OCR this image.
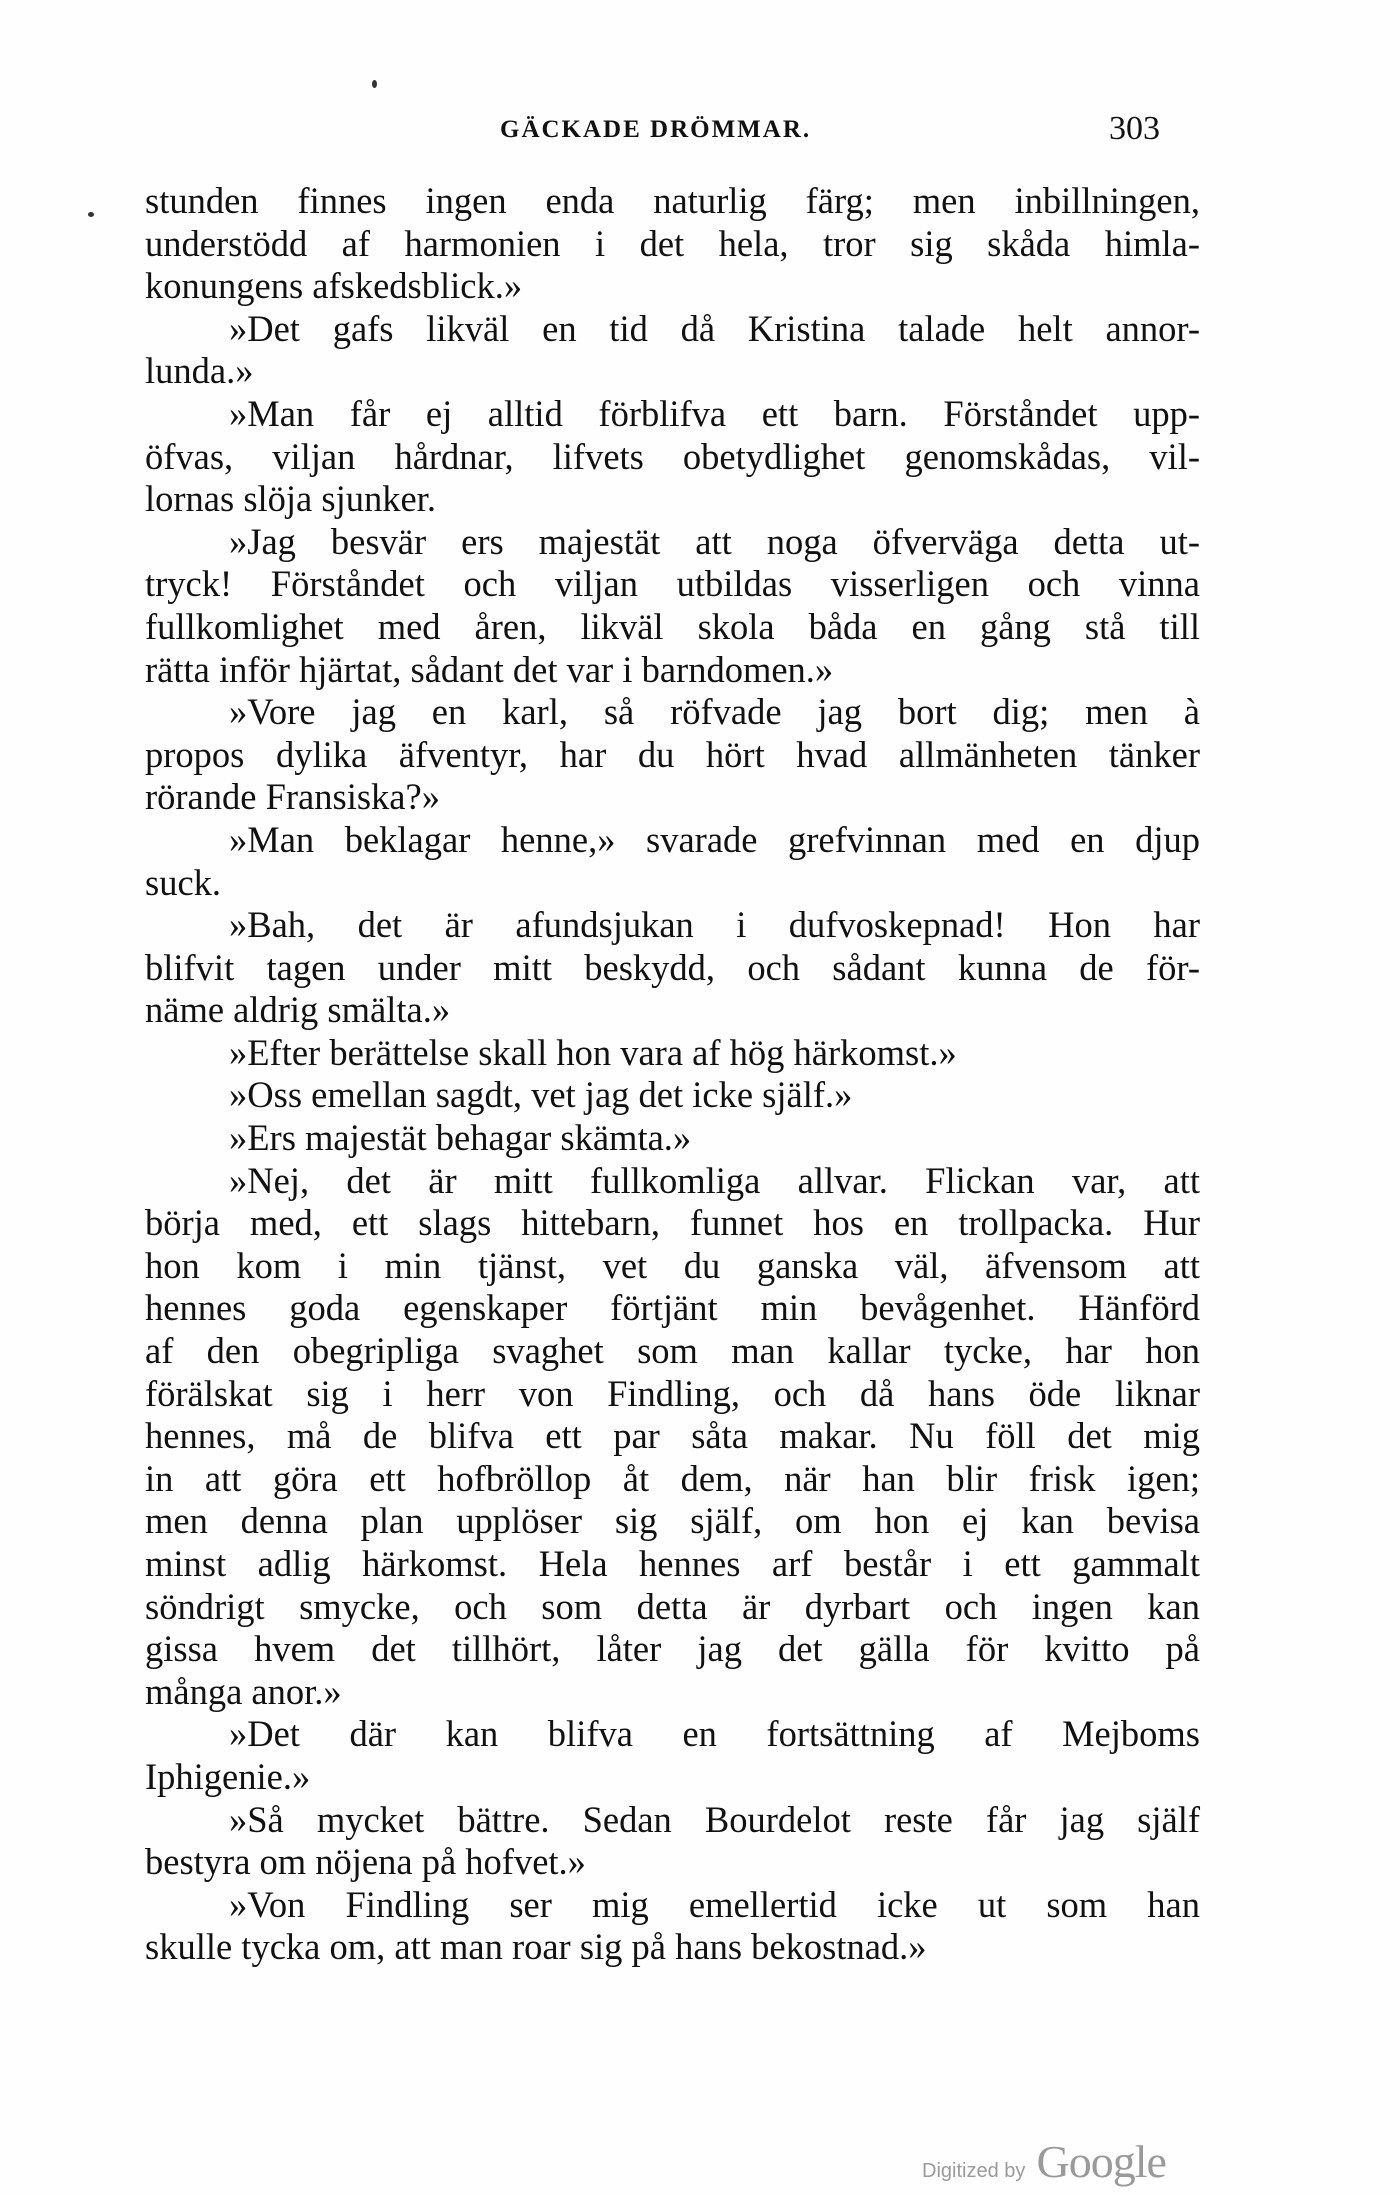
GÄCKADE DRÖMMAR.	303
stunden finnes ingen enda naturlig färg; men inbillningen,
understödd af harmonien i det hela, tror sig skåda himla-
konungens afskedsblick.»
»Det gafs likväl en tid då Kristina talade helt annor-
lunda.»
»Man får ej alltid förblifva ett barn. Förståndet upp-
öfvas, viljan hårdnar, lifvets obetydlighet genomskådas, vil-
lornas slöja sjunker.
»Jag besvär ers majestät att noga öfverväga detta ut-
tryck! Förståndet och viljan utbildas visserligen och vinna
fullkomlighet med åren, likväl skola båda en gång stå till
rätta inför hjärtat, sådant det var i barndomen.»
»Vore jag en karl, så röfvade jag bort dig; men à
propos dylika äfventyr, har du hört hvad allmänheten tänker
rörande Fransiska?»
»Man beklagar henne,» svarade grefvinnan med en djup
suck.
»Bah, det är afundsjukan i dufvoskepnad! Hon har
blifvit tagen under mitt beskydd, och sådant kunna de för-
näme aldrig smälta.»
»Efter berättelse skall hon vara af hög härkomst.»
»Oss emellan sagdt, vet jag det icke själf.»
»Ers majestät behagar skämta.»
»Nej, det är mitt fullkomliga allvar. Flickan var, att
börja med, ett slags hittebarn, funnet hos en trollpacka. Hur
hon kom i min tjänst, vet du ganska väl, äfvensom att
hennes goda egenskaper förtjänt min bevågenhet. Hänförd
af den obegripliga svaghet som man kallar tycke, har hon
förälskat sig i herr von Findling, och då hans öde liknar
hennes, må de blifva ett par såta makar. Nu föll det mig
in att göra ett hofbröllop åt dem, när han blir frisk igen;
men denna plan upplöser sig själf, om hon ej kan bevisa
minst adlig härkomst. Hela hennes arf består i ett gammalt
söndrigt smycke, och som detta är dyrbart och ingen kan
gissa hvem det tillhört, låter jag det gälla för kvitto på
många anor.»
»Det där kan blifva en fortsättning af Mejboms
Iphigenie.»
»Så mycket bättre. Sedan Bourdelot reste får jag själf
bestyra om nöjena på hofvet.»
»Von Findling ser mig emellertid icke ut som han
skulle tycka om, att man roar sig på hans bekostnad.»
Digitized by Google
